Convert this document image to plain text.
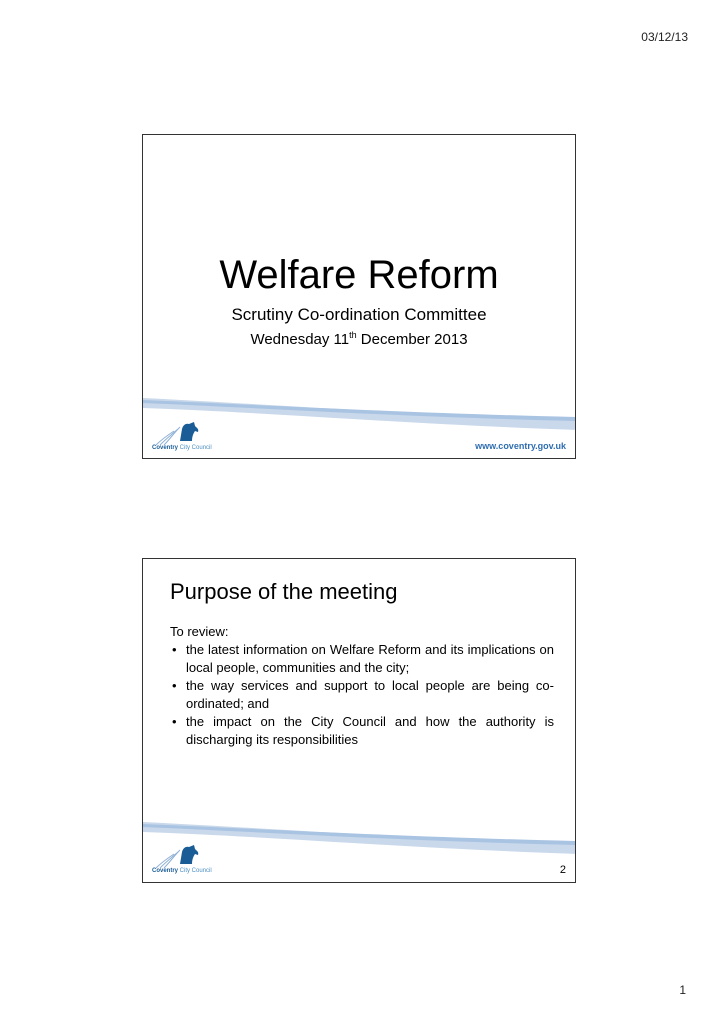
03/12/13
Welfare Reform
Scrutiny Co-ordination Committee
Wednesday 11th December 2013
Coventry City Council	www.coventry.gov.uk
Purpose of the meeting
To review:
• the latest information on Welfare Reform and its implications on local people, communities and the city;
• the way services and support to local people are being co-ordinated; and
• the impact on the City Council and how the authority is discharging its responsibilities
Coventry City Council	2
1
